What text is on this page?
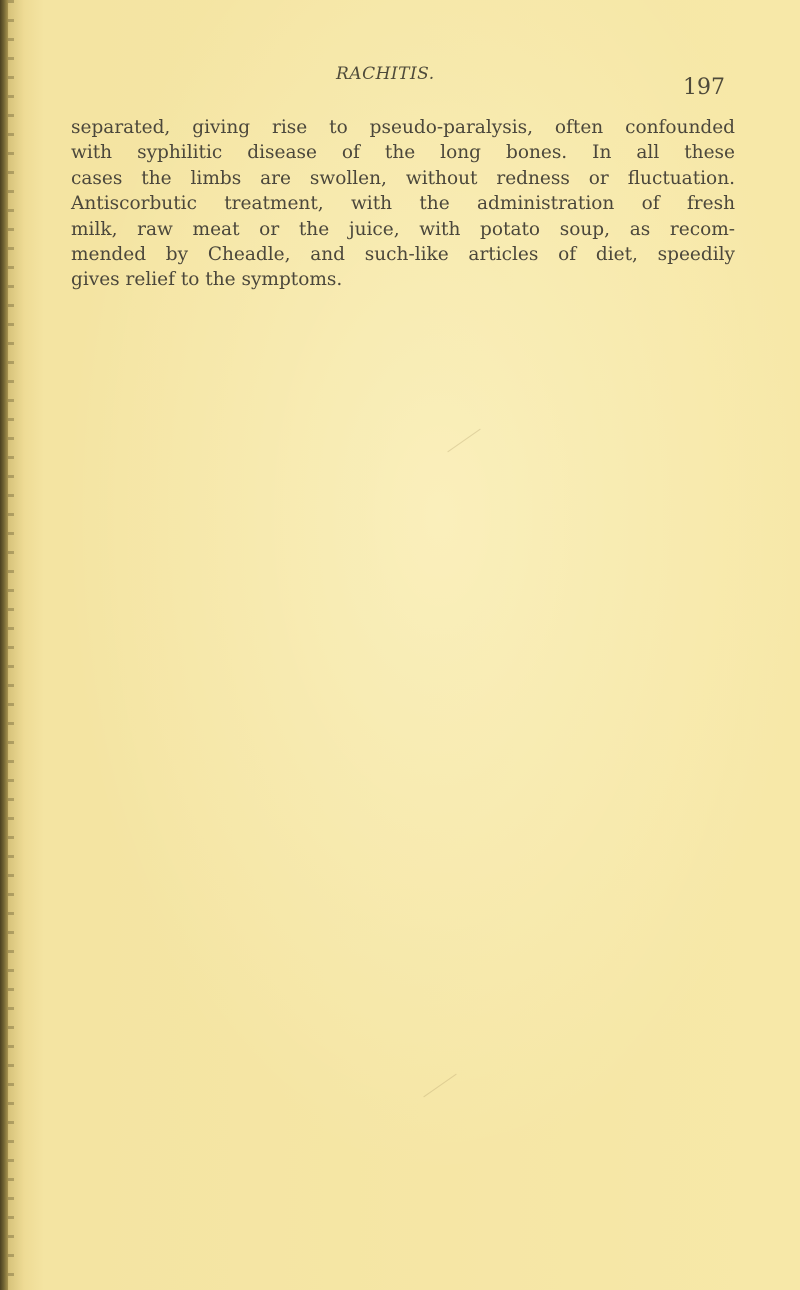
RACHITIS.
197
separated, giving rise to pseudo-paralysis, often confounded
with syphilitic disease of the long bones. In all these
cases the limbs are swollen, without redness or fluctuation.
Antiscorbutic treatment, with the administration of fresh
milk, raw meat or the juice, with potato soup, as recom-
mended by Cheadle, and such-like articles of diet, speedily
gives relief to the symptoms.
